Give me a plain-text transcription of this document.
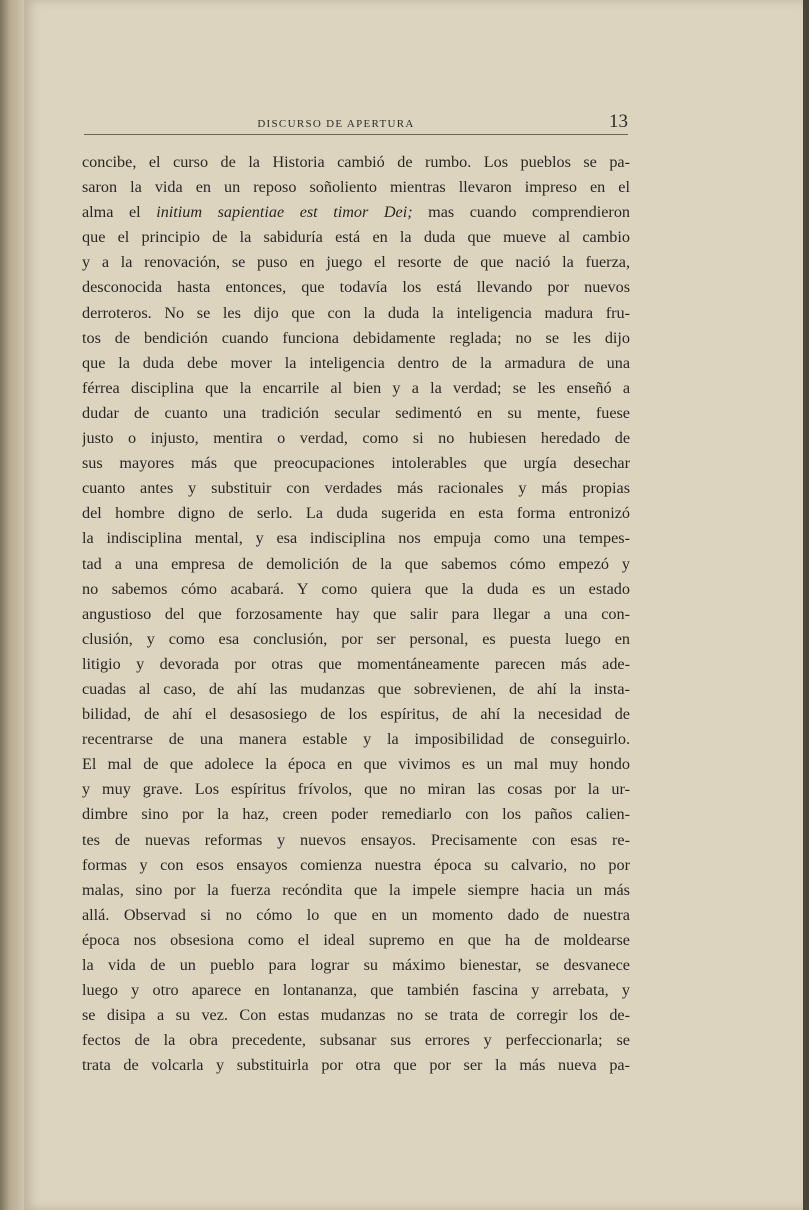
DISCURSO DE APERTURA	13
concibe, el curso de la Historia cambió de rumbo. Los pueblos se pa-
saron la vida en un reposo soñoliento mientras llevaron impreso en el
alma el initium sapientiae est timor Dei; mas cuando comprendieron
que el principio de la sabiduría está en la duda que mueve al cambio
y a la renovación, se puso en juego el resorte de que nació la fuerza,
desconocida hasta entonces, que todavía los está llevando por nuevos
derroteros. No se les dijo que con la duda la inteligencia madura fru-
tos de bendición cuando funciona debidamente reglada; no se les dijo
que la duda debe mover la inteligencia dentro de la armadura de una
férrea disciplina que la encarrile al bien y a la verdad; se les enseñó a
dudar de cuanto una tradición secular sedimentó en su mente, fuese
justo o injusto, mentira o verdad, como si no hubiesen heredado de
sus mayores más que preocupaciones intolerables que urgía desechar
cuanto antes y substituir con verdades más racionales y más propias
del hombre digno de serlo. La duda sugerida en esta forma entronizó
la indisciplina mental, y esa indisciplina nos empuja como una tempes-
tad a una empresa de demolición de la que sabemos cómo empezó y
no sabemos cómo acabará. Y como quiera que la duda es un estado
angustioso del que forzosamente hay que salir para llegar a una con-
clusión, y como esa conclusión, por ser personal, es puesta luego en
litigio y devorada por otras que momentáneamente parecen más ade-
cuadas al caso, de ahí las mudanzas que sobrevienen, de ahí la insta-
bilidad, de ahí el desasosiego de los espíritus, de ahí la necesidad de
recentrarse de una manera estable y la imposibilidad de conseguirlo.
El mal de que adolece la época en que vivimos es un mal muy hondo
y muy grave. Los espíritus frívolos, que no miran las cosas por la ur-
dimbre sino por la haz, creen poder remediarlo con los paños calien-
tes de nuevas reformas y nuevos ensayos. Precisamente con esas re-
formas y con esos ensayos comienza nuestra época su calvario, no por
malas, sino por la fuerza recóndita que la impele siempre hacia un más
allá. Observad si no cómo lo que en un momento dado de nuestra
época nos obsesiona como el ideal supremo en que ha de moldearse
la vida de un pueblo para lograr su máximo bienestar, se desvanece
luego y otro aparece en lontananza, que también fascina y arrebata, y
se disipa a su vez. Con estas mudanzas no se trata de corregir los de-
fectos de la obra precedente, subsanar sus errores y perfeccionarla; se
trata de volcarla y substituirla por otra que por ser la más nueva pa-
